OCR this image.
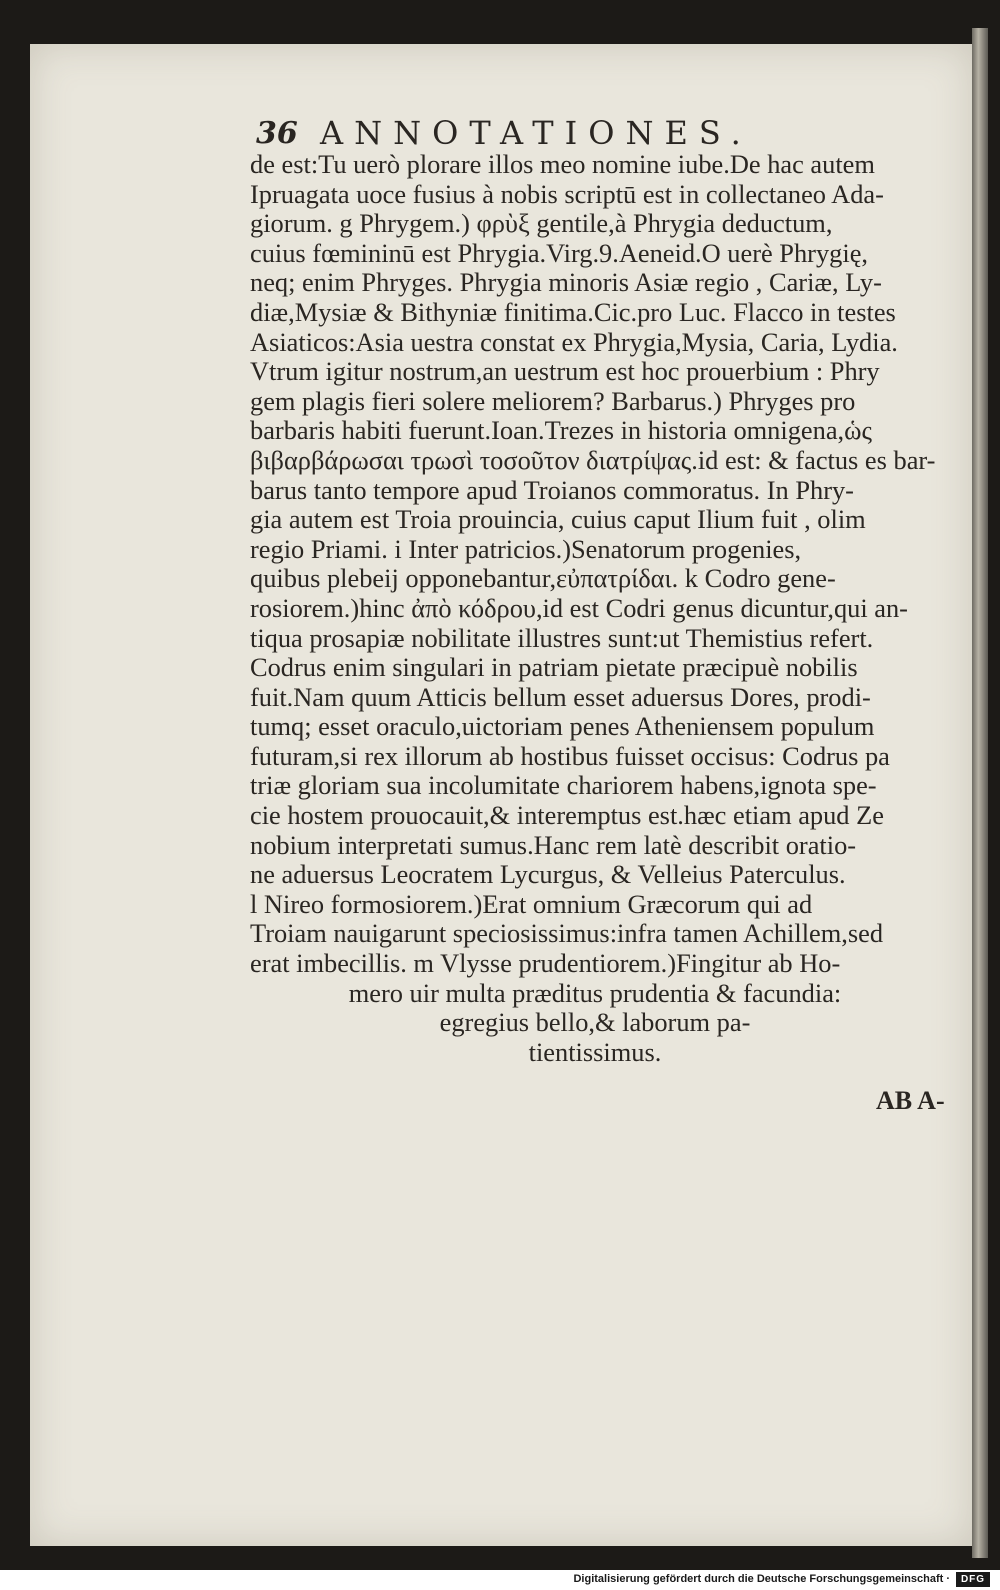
36 ANNOTATIONES.
de est:Tu uerò plorare illos meo nomine iube.De hac autem
Ipruagata uoce fusius à nobis scriptū est in collectaneo Ada-
giorum. g Phrygem.) φρὺξ gentile,à Phrygia deductum,
cuius fœmininū est Phrygia.Virg.9.Aeneid.O uerè Phrygię,
neq; enim Phryges. Phrygia minoris Asiæ regio , Cariæ, Ly-
diæ,Mysiæ & Bithyniæ finitima.Cic.pro Luc. Flacco in testes
Asiaticos:Asia uestra constat ex Phrygia,Mysia, Caria, Lydia.
Vtrum igitur nostrum,an uestrum est hoc prouerbium : Phry
gem plagis fieri solere meliorem? Barbarus.) Phryges pro
barbaris habiti fuerunt.Ioan.Trezes in historia omnigena,ὡς
βιβαρβάρωσαι τρωσὶ τοσοῦτον διατρίψας.id est: & factus es bar-
barus tanto tempore apud Troianos commoratus. In Phry-
gia autem est Troia prouincia, cuius caput Ilium fuit , olim
regio Priami. i Inter patricios.)Senatorum progenies,
quibus plebeij opponebantur,εὐπατρίδαι. k Codro gene-
rosiorem.)hinc ἀπὸ κόδρου,id est Codri genus dicuntur,qui an-
tiqua prosapiæ nobilitate illustres sunt:ut Themistius refert.
Codrus enim singulari in patriam pietate præcipuè nobilis
fuit.Nam quum Atticis bellum esset aduersus Dores, prodi-
tumq; esset oraculo,uictoriam penes Atheniensem populum
futuram,si rex illorum ab hostibus fuisset occisus: Codrus pa
triæ gloriam sua incolumitate chariorem habens,ignota spe-
cie hostem prouocauit,& interemptus est.hæc etiam apud Ze
nobium interpretati sumus.Hanc rem latè describit oratio-
ne aduersus Leocratem Lycurgus, & Velleius Paterculus.
l Nireo formosiorem.)Erat omnium Græcorum qui ad
Troiam nauigarunt speciosissimus:infra tamen Achillem,sed
erat imbecillis. m Vlysse prudentiorem.)Fingitur ab Ho-
mero uir multa præditus prudentia & facundia:
egregius bello,& laborum pa-
tientissimus.
AB A-
Digitalisierung gefördert durch die Deutsche Forschungsgemeinschaft ·	DFG
